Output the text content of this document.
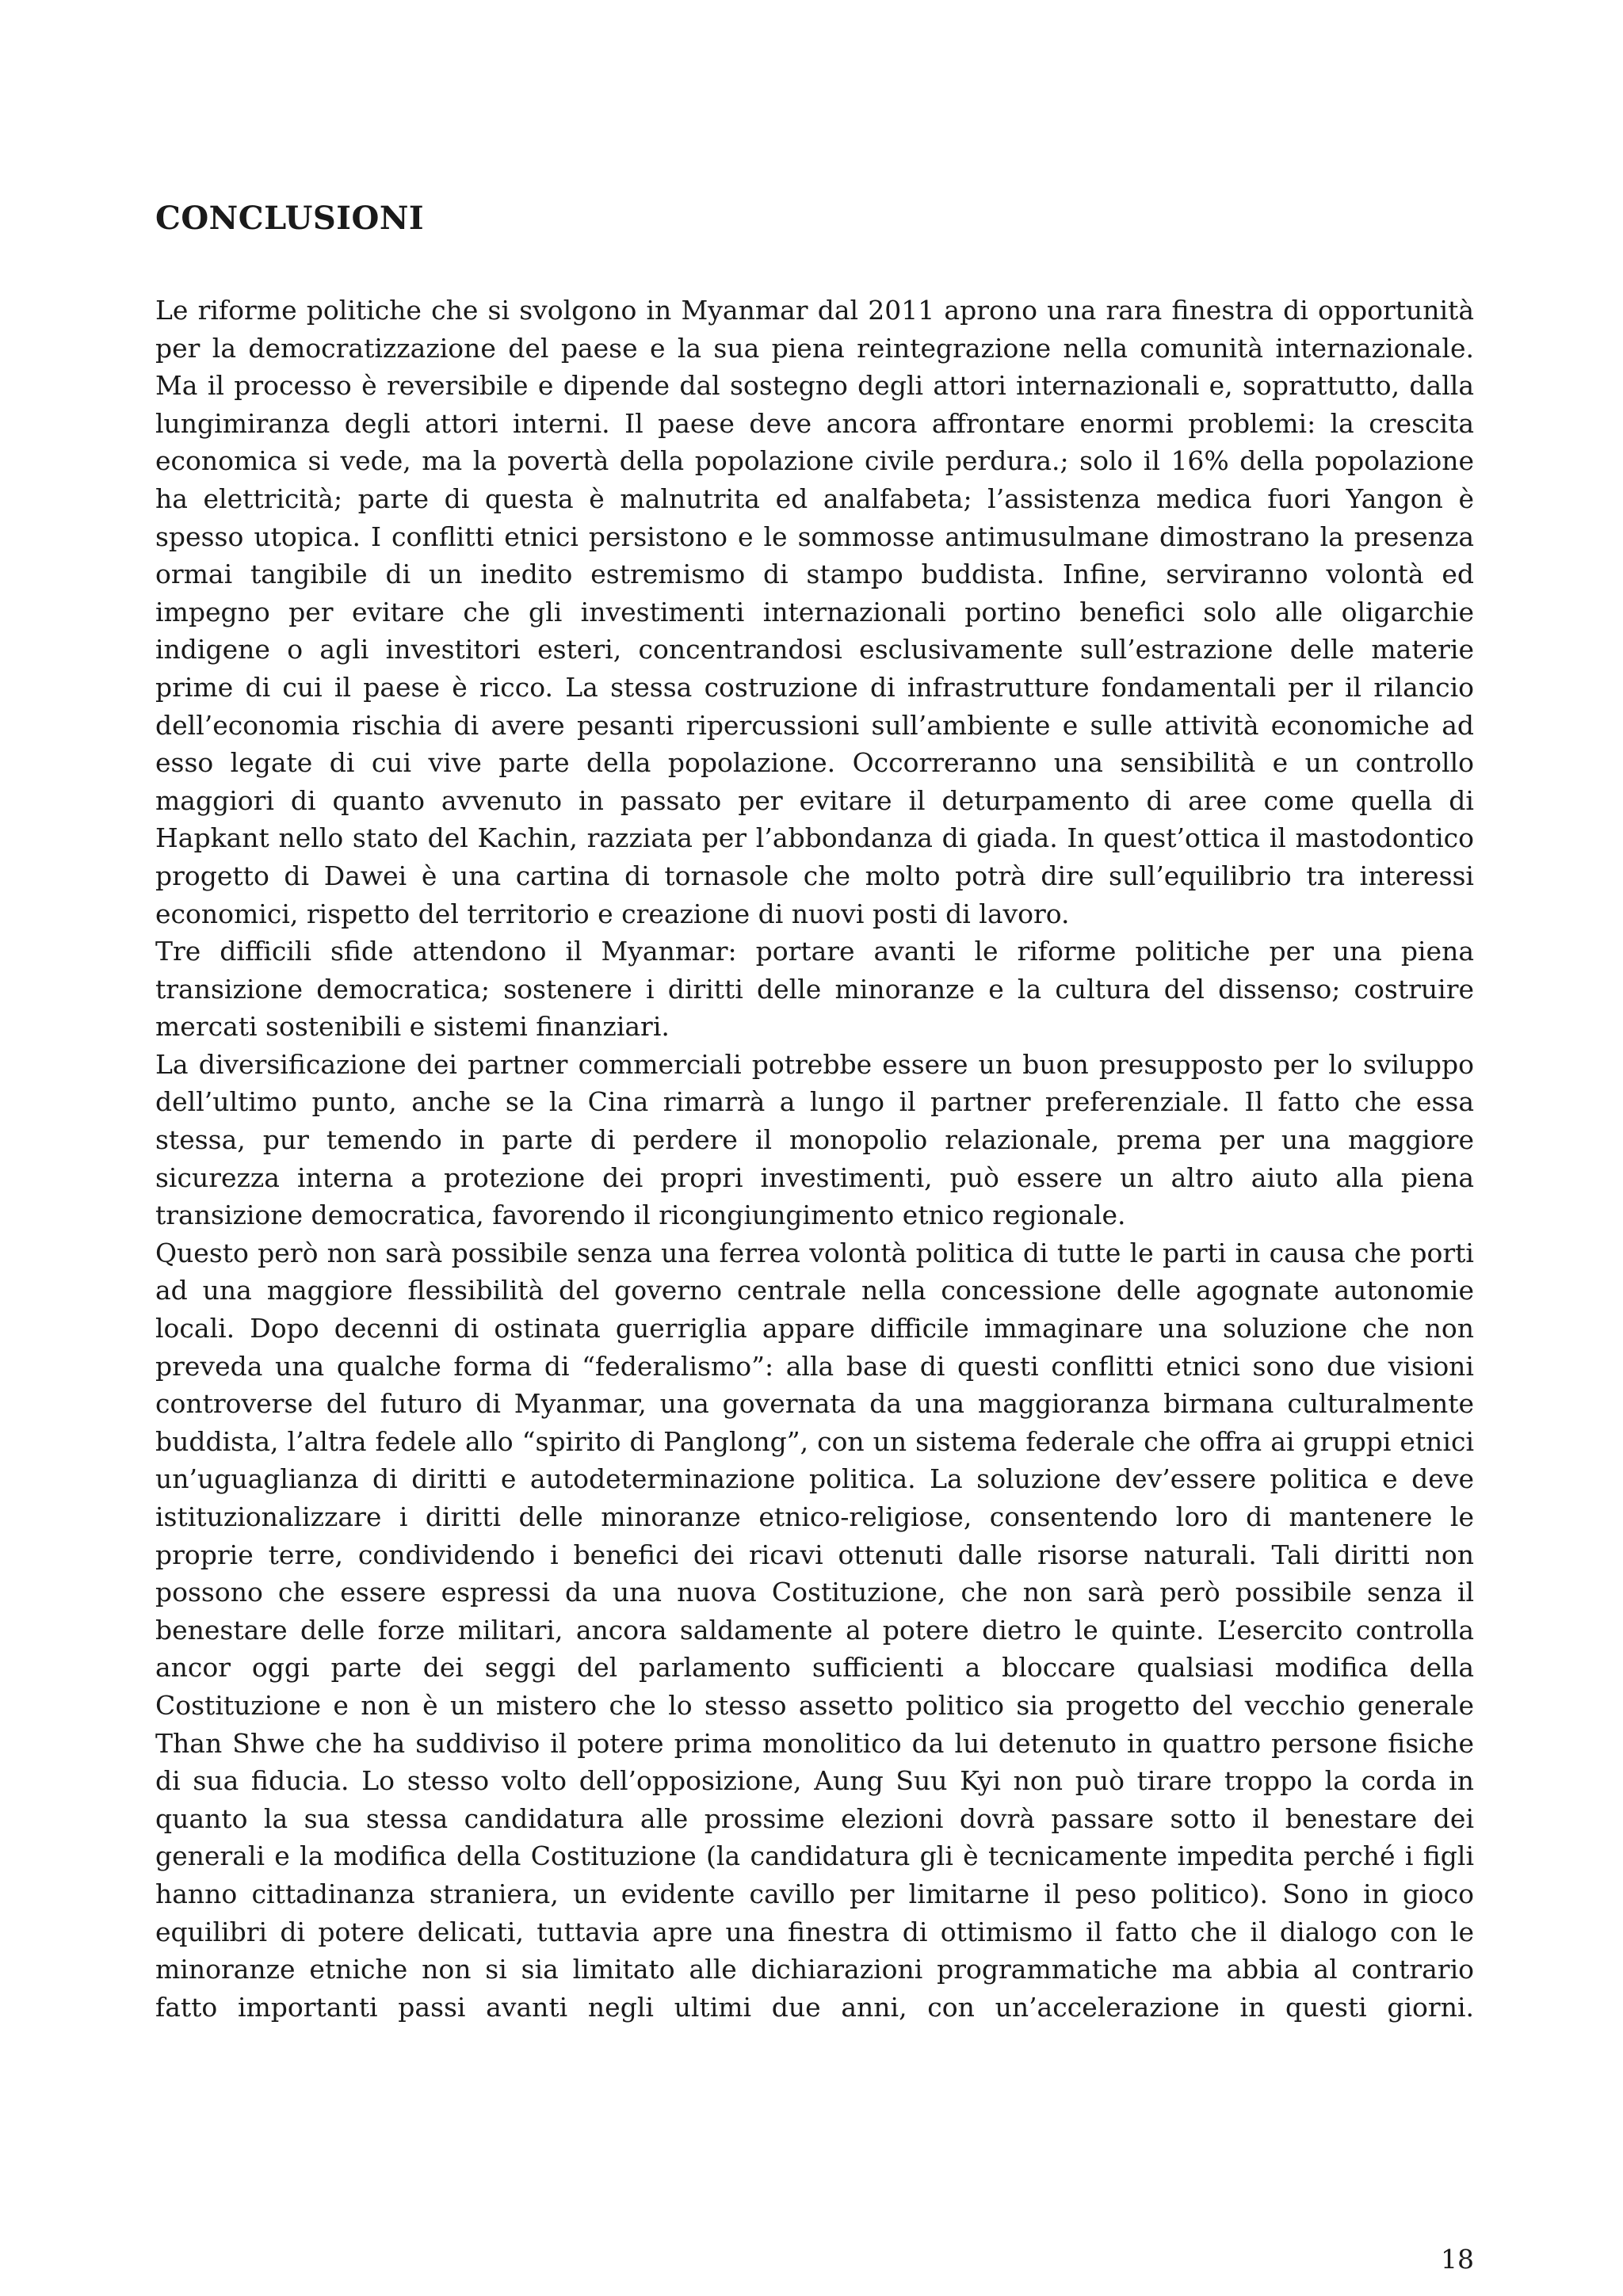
CONCLUSIONI

Le riforme politiche che si svolgono in Myanmar dal 2011 aprono una rara finestra di opportunità per la democratizzazione del paese e la sua piena reintegrazione nella comunità internazionale. Ma il processo è reversibile e dipende dal sostegno degli attori internazionali e, soprattutto, dalla lungimiranza degli attori interni. Il paese deve ancora affrontare enormi problemi: la crescita economica si vede, ma la povertà della popolazione civile perdura.; solo il 16% della popolazione ha elettricità; parte di questa è malnutrita ed analfabeta; l’assistenza medica fuori Yangon è spesso utopica. I conflitti etnici persistono e le sommosse antimusulmane dimostrano la presenza ormai tangibile di un inedito estremismo di stampo buddista. Infine, serviranno volontà ed impegno per evitare che gli investimenti internazionali portino benefici solo alle oligarchie indigene o agli investitori esteri, concentrandosi esclusivamente sull’estrazione delle materie prime di cui il paese è ricco. La stessa costruzione di infrastrutture fondamentali per il rilancio dell’economia rischia di avere pesanti ripercussioni sull’ambiente e sulle attività economiche ad esso legate di cui vive parte della popolazione. Occorreranno una sensibilità e un controllo maggiori di quanto avvenuto in passato per evitare il deturpamento di aree come quella di Hapkant nello stato del Kachin, razziata per l’abbondanza di giada. In quest’ottica il mastodontico progetto di Dawei è una cartina di tornasole che molto potrà dire sull’equilibrio tra interessi economici, rispetto del territorio e creazione di nuovi posti di lavoro.

Tre difficili sfide attendono il Myanmar: portare avanti le riforme politiche per una piena transizione democratica; sostenere i diritti delle minoranze e la cultura del dissenso; costruire mercati sostenibili e sistemi finanziari.

La diversificazione dei partner commerciali potrebbe essere un buon presupposto per lo sviluppo dell’ultimo punto, anche se la Cina rimarrà a lungo il partner preferenziale. Il fatto che essa stessa, pur temendo in parte di perdere il monopolio relazionale, prema per una maggiore sicurezza interna a protezione dei propri investimenti, può essere un altro aiuto alla piena transizione democratica, favorendo il ricongiungimento etnico regionale.

Questo però non sarà possibile senza una ferrea volontà politica di tutte le parti in causa che porti ad una maggiore flessibilità del governo centrale nella concessione delle agognate autonomie locali. Dopo decenni di ostinata guerriglia appare difficile immaginare una soluzione che non preveda una qualche forma di “federalismo”: alla base di questi conflitti etnici sono due visioni controverse del futuro di Myanmar, una governata da una maggioranza birmana culturalmente buddista, l’altra fedele allo “spirito di Panglong”, con un sistema federale che offra ai gruppi etnici un’uguaglianza di diritti e autodeterminazione politica. La soluzione dev’essere politica e deve istituzionalizzare i diritti delle minoranze etnico-religiose, consentendo loro di mantenere le proprie terre, condividendo i benefici dei ricavi ottenuti dalle risorse naturali. Tali diritti non possono che essere espressi da una nuova Costituzione, che non sarà però possibile senza il benestare delle forze militari, ancora saldamente al potere dietro le quinte. L’esercito controlla ancor oggi parte dei seggi del parlamento sufficienti a bloccare qualsiasi modifica della Costituzione e non è un mistero che lo stesso assetto politico sia progetto del vecchio generale Than Shwe che ha suddiviso il potere prima monolitico da lui detenuto in quattro persone fisiche di sua fiducia. Lo stesso volto dell’opposizione, Aung Suu Kyi non può tirare troppo la corda in quanto la sua stessa candidatura alle prossime elezioni dovrà passare sotto il benestare dei generali e la modifica della Costituzione (la candidatura gli è tecnicamente impedita perché i figli hanno cittadinanza straniera, un evidente cavillo per limitarne il peso politico). Sono in gioco equilibri di potere delicati, tuttavia apre una finestra di ottimismo il fatto che il dialogo con le minoranze etniche non si sia limitato alle dichiarazioni programmatiche ma abbia al contrario fatto importanti passi avanti negli ultimi due anni, con un’accelerazione in questi giorni.

18
